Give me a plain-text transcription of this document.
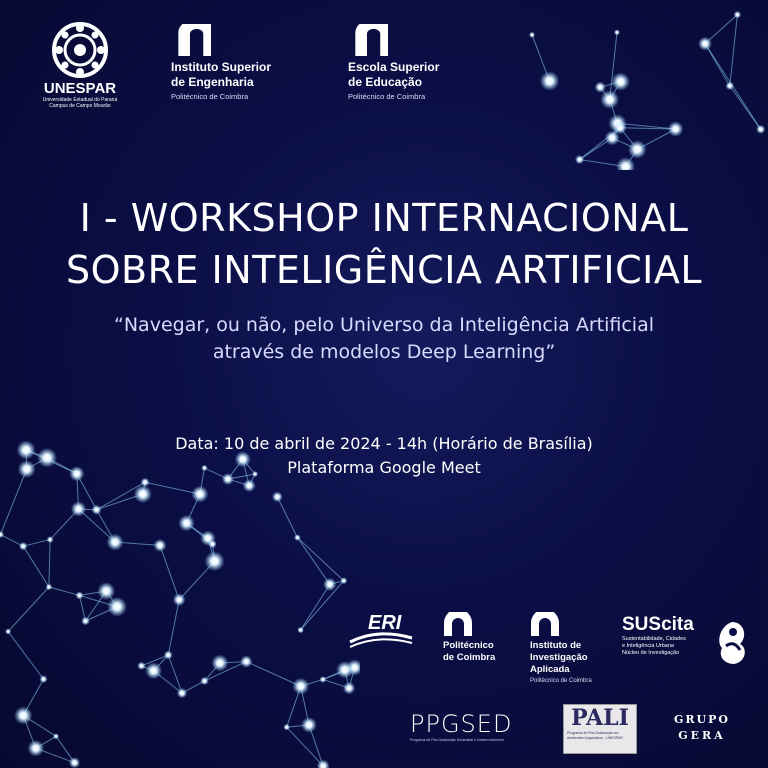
UNESPAR
Universidade Estadual do Paraná
Campus de Campo Mourão
Instituto Superior
de Engenharia
Politécnico de Coimbra
Escola Superior
de Educação
Politécnico de Coimbra
I - WORKSHOP INTERNACIONAL
SOBRE INTELIGÊNCIA ARTIFICIAL
“Navegar, ou não, pelo Universo da Inteligência Artificial
através de modelos Deep Learning”
Data: 10 de abril de 2024 - 14h (Horário de Brasília)
Plataforma Google Meet
ERI
Politécnico
de Coimbra
Instituto de
Investigação
Aplicada
Politécnico de Coimbra
SUScita
Sustentabilidade, Cidades
e Inteligência Urbana
Núcleo de Investigação
PPGSED
Programa de Pós-Graduação Sociedade e Desenvolvimento
PALI
Programa de Pós-Graduação em Ambientes Linguísticos - UNESPAR
GRUPO
GERA
